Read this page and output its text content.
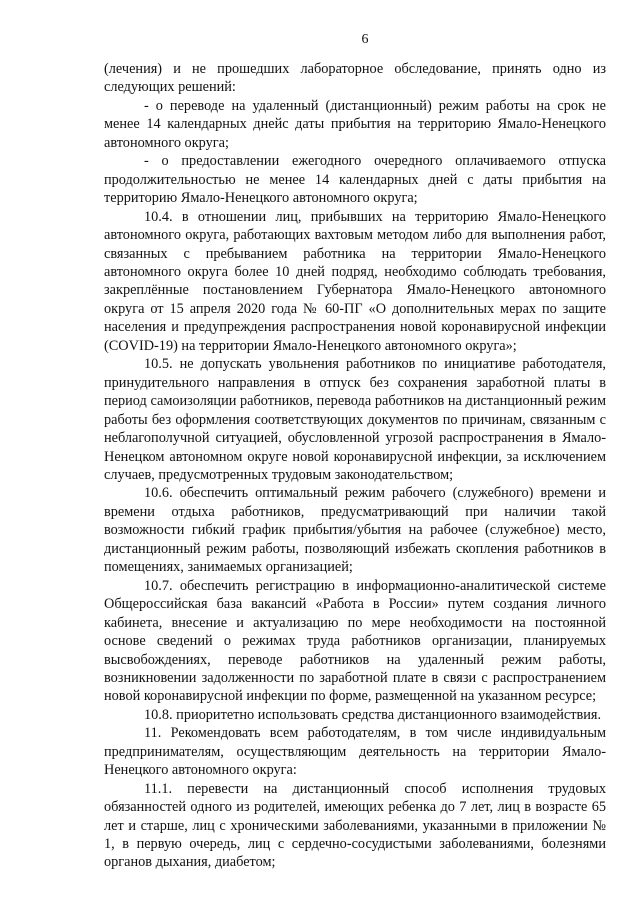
6

(лечения) и не прошедших лабораторное обследование, принять одно из следующих решений:

- о переводе на удаленный (дистанционный) режим работы на срок не менее 14 календарных днейс даты прибытия на территорию Ямало-Ненецкого автономного округа;

- о предоставлении ежегодного очередного оплачиваемого отпуска продолжительностью не менее 14 календарных дней с даты прибытия на территорию Ямало-Ненецкого автономного округа;

10.4. в отношении лиц, прибывших на территорию Ямало-Ненецкого автономного округа, работающих вахтовым методом либо для выполнения работ, связанных с пребыванием работника на территории Ямало-Ненецкого автономного округа более 10 дней подряд, необходимо соблюдать требования, закреплённые постановлением Губернатора Ямало-Ненецкого автономного округа от 15 апреля 2020 года № 60-ПГ «О дополнительных мерах по защите населения и предупреждения распространения новой коронавирусной инфекции (COVID-19) на территории Ямало-Ненецкого автономного округа»;

10.5. не допускать увольнения работников по инициативе работодателя, принудительного направления в отпуск без сохранения заработной платы в период самоизоляции работников, перевода работников на дистанционный режим работы без оформления соответствующих документов по причинам, связанным с неблагополучной ситуацией, обусловленной угрозой распространения в Ямало-Ненецком автономном округе новой коронавирусной инфекции, за исключением случаев, предусмотренных трудовым законодательством;

10.6. обеспечить оптимальный режим рабочего (служебного) времени и времени отдыха работников, предусматривающий при наличии такой возможности гибкий график прибытия/убытия на рабочее (служебное) место, дистанционный режим работы, позволяющий избежать скопления работников в помещениях, занимаемых организацией;

10.7. обеспечить регистрацию в информационно-аналитической системе Общероссийская база вакансий «Работа в России» путем создания личного кабинета, внесение и актуализацию по мере необходимости на постоянной основе сведений о режимах труда работников организации, планируемых высвобождениях, переводе работников на удаленный режим работы, возникновении задолженности по заработной плате в связи с распространением новой коронавирусной инфекции по форме, размещенной на указанном ресурсе;

10.8. приоритетно использовать средства дистанционного взаимодействия.

11. Рекомендовать всем работодателям, в том числе индивидуальным предпринимателям, осуществляющим деятельность на территории Ямало-Ненецкого автономного округа:

11.1. перевести на дистанционный способ исполнения трудовых обязанностей одного из родителей, имеющих ребенка до 7 лет, лиц в возрасте 65 лет и старше, лиц с хроническими заболеваниями, указанными в приложении № 1, в первую очередь, лиц с сердечно-сосудистыми заболеваниями, болезнями органов дыхания, диабетом;
